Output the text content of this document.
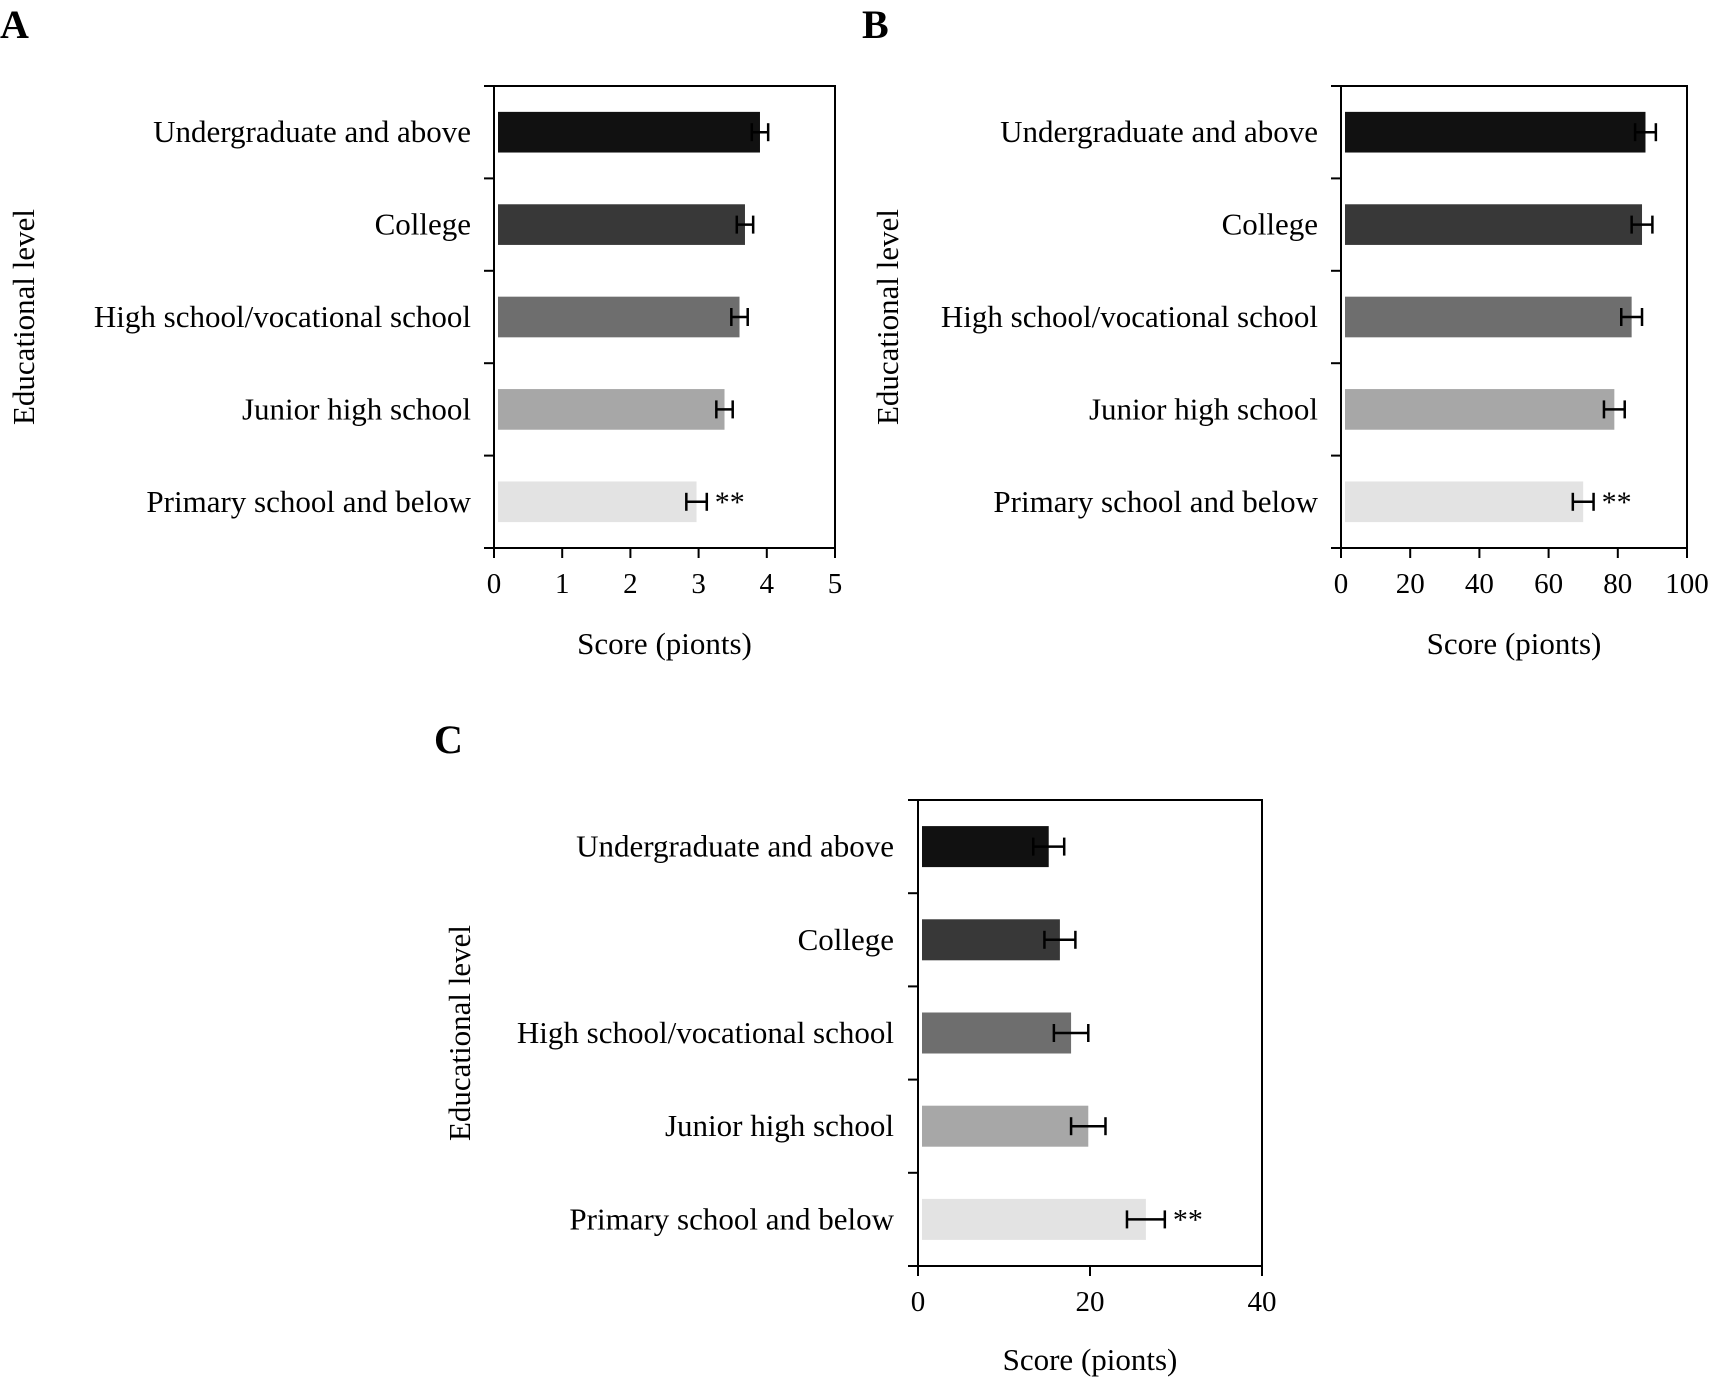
A
Undergraduate and above
College
High school/vocational school
Junior high school
**
Primary school and below
0 1 2 3 4 5
Score (pionts)
Educational level
B
Undergraduate and above
College
High school/vocational school
Junior high school
**
Primary school and below
0 20 40 60 80 100
Score (pionts)
Educational level
C
Undergraduate and above
College
High school/vocational school
Junior high school
**
Primary school and below
0	20	40
Score (pionts)
Educational level
